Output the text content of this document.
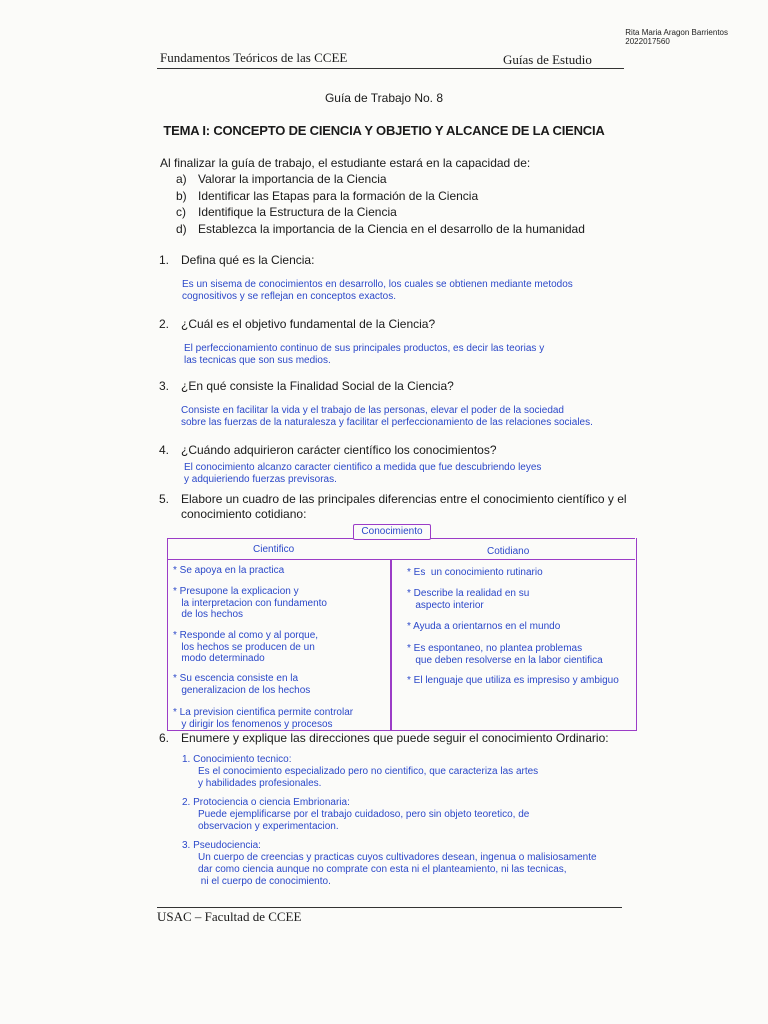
Rita Maria Aragon Barrientos
2022017560
Fundamentos Teóricos de las CCEE	Guías de Estudio
Guía de Trabajo No. 8
TEMA I: CONCEPTO DE CIENCIA Y OBJETIO Y ALCANCE DE LA CIENCIA
Al finalizar la guía de trabajo, el estudiante estará en la capacidad de:
a) Valorar la importancia de la Ciencia
b) Identificar las Etapas para la formación de la Ciencia
c) Identifique la Estructura de la Ciencia
d) Establezca la importancia de la Ciencia en el desarrollo de la humanidad
1. Defina qué es la Ciencia:
Es un sisema de conocimientos en desarrollo, los cuales se obtienen mediante metodos
cognositivos y se reflejan en conceptos exactos.
2. ¿Cuál es el objetivo fundamental de la Ciencia?
El perfeccionamiento continuo de sus principales productos, es decir las teorias y
las tecnicas que son sus medios.
3. ¿En qué consiste la Finalidad Social de la Ciencia?
Consiste en facilitar la vida y el trabajo de las personas, elevar el poder de la sociedad
sobre las fuerzas de la naturalesza y facilitar el perfeccionamiento de las relaciones sociales.
4. ¿Cuándo adquirieron carácter científico los conocimientos?
El conocimiento alcanzo caracter cientifico a medida que fue descubriendo leyes
y adquieriendo fuerzas previsoras.
5. Elabore un cuadro de las principales diferencias entre el conocimiento científico y el
conocimiento cotidiano:
Conocimiento
Cientifico	Cotidiano
* Se apoya en la practica
* Presupone la explicacion y
la interpretacion con fundamento
de los hechos
* Responde al como y al porque,
los hechos se producen de un
modo determinado
* Su escencia consiste en la
generalizacion de los hechos
* La prevision cientifica permite controlar
y dirigir los fenomenos y procesos
* Es  un conocimiento rutinario
* Describe la realidad en su
aspecto interior
* Ayuda a orientarnos en el mundo
* Es espontaneo, no plantea problemas
que deben resolverse en la labor cientifica
* El lenguaje que utiliza es impresiso y ambiguo
6. Enumere y explique las direcciones que puede seguir el conocimiento Ordinario:
1. Conocimiento tecnico:
Es el conocimiento especializado pero no cientifico, que caracteriza las artes
y habilidades profesionales.
2. Protociencia o ciencia Embrionaria:
Puede ejemplificarse por el trabajo cuidadoso, pero sin objeto teoretico, de
observacion y experimentacion.
3. Pseudociencia:
Un cuerpo de creencias y practicas cuyos cultivadores desean, ingenua o malisiosamente
dar como ciencia aunque no comprate con esta ni el planteamiento, ni las tecnicas,
ni el cuerpo de conocimiento.
USAC – Facultad de CCEE
